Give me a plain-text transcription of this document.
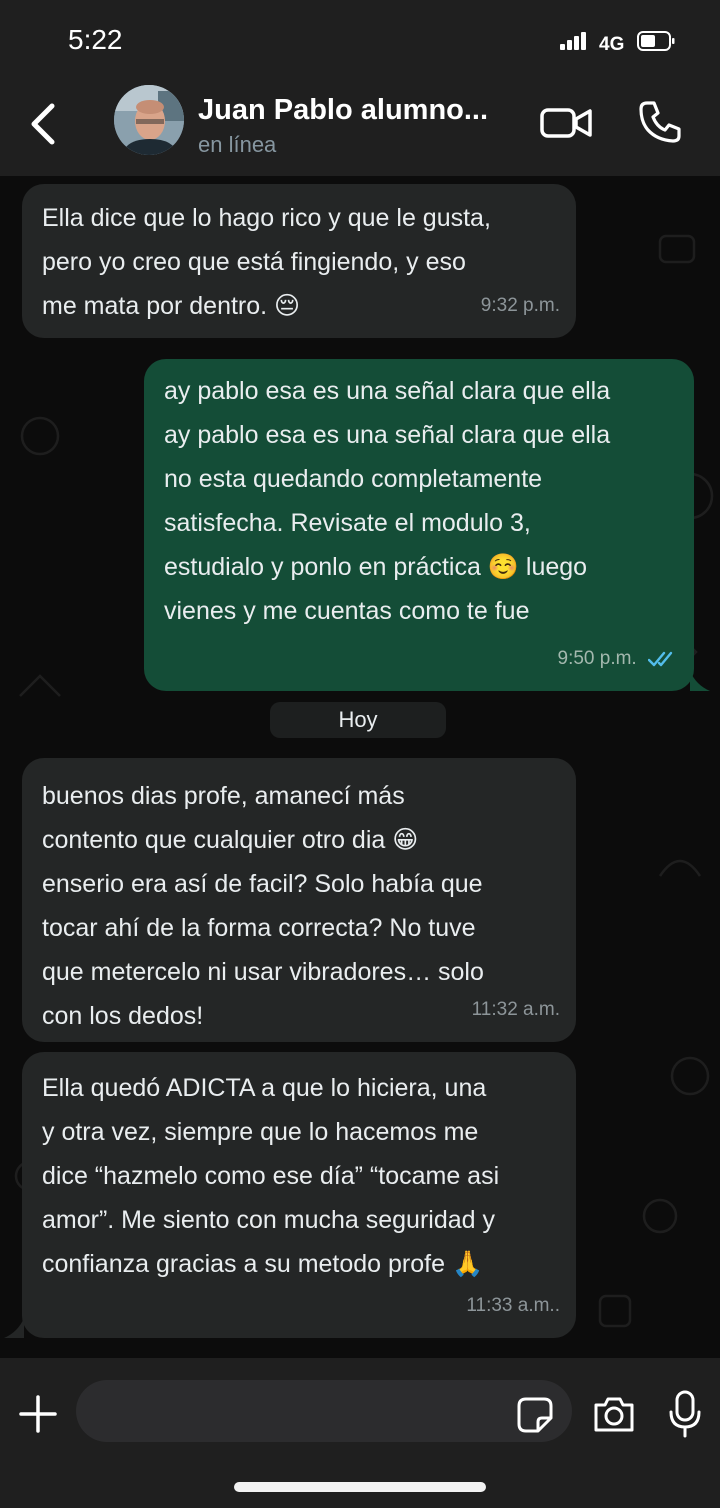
5:22	4G
Juan Pablo alumno...
en línea
Ella dice que lo hago rico y que le gusta,
pero yo creo que está fingiendo, y eso
me mata por dentro. 😔	9:32 p.m.
ay pablo esa es una señal clara que ella
ay pablo esa es una señal clara que ella
no esta quedando completamente
satisfecha. Revisate el modulo 3,
estudialo y ponlo en práctica ☺️ luego
vienes y me cuentas como te fue
9:50 p.m.
Hoy
buenos dias profe, amanecí más
contento que cualquier otro dia 😁
enserio era así de facil? Solo había que
tocar ahí de la forma correcta? No tuve
que metercelo ni usar vibradores… solo
con los dedos!	11:32 a.m.
Ella quedó ADICTA a que lo hiciera, una
y otra vez, siempre que lo hacemos me
dice “hazmelo como ese día” “tocame asi
amor”. Me siento con mucha seguridad y
confianza gracias a su metodo profe 🙏
11:33 a.m..
